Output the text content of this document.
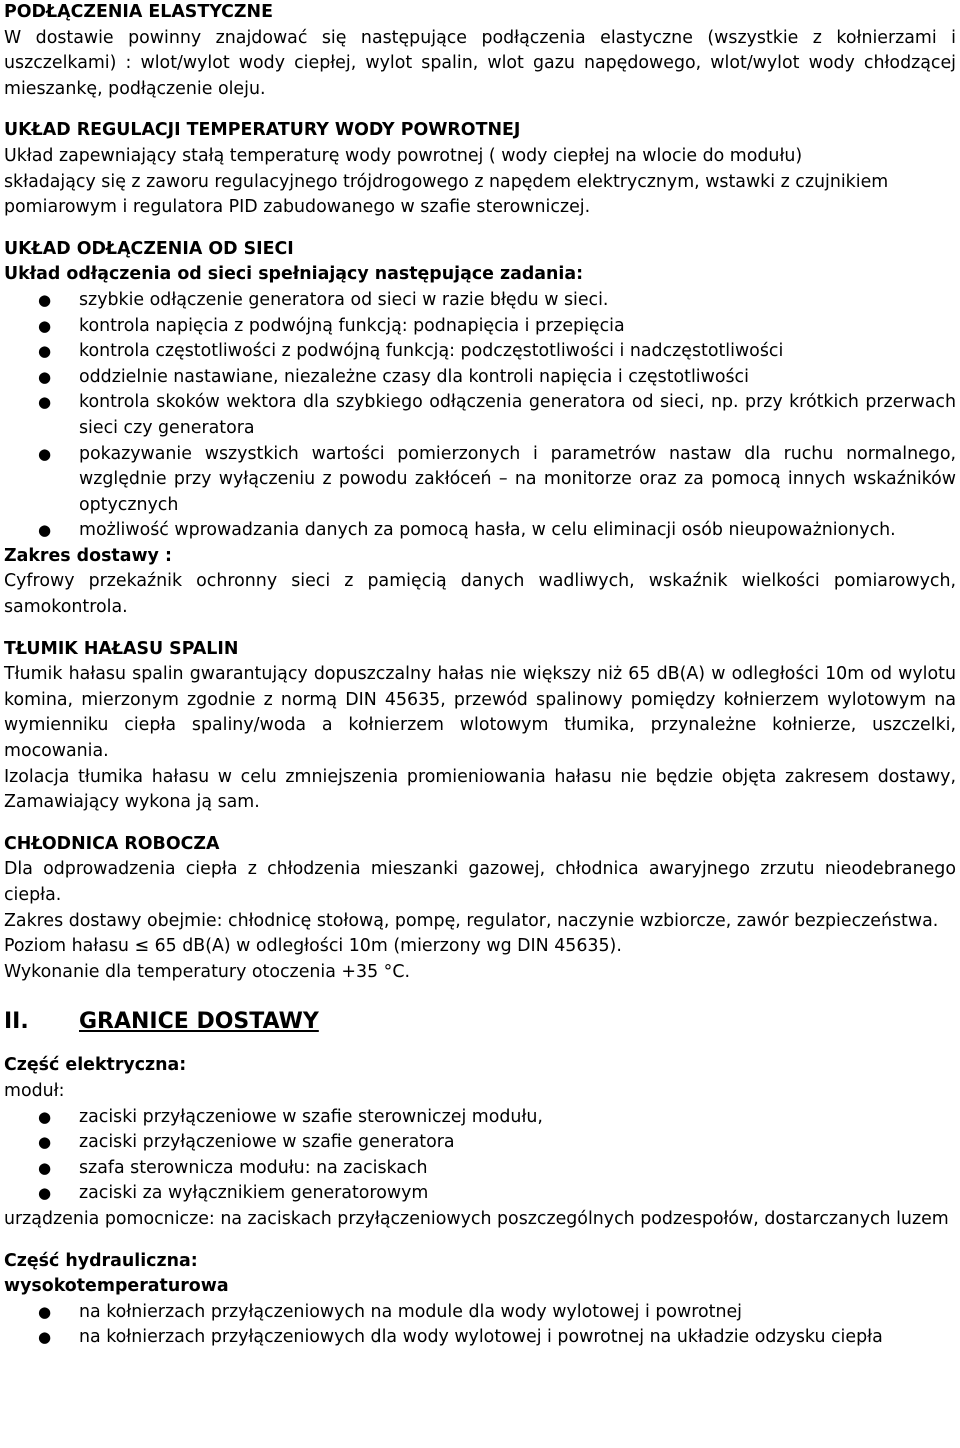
PODŁĄCZENIA ELASTYCZNE

W dostawie powinny znajdować się następujące podłączenia elastyczne (wszystkie z kołnierzami i uszczelkami) : wlot/wylot wody ciepłej, wylot spalin, wlot gazu napędowego, wlot/wylot wody chłodzącej mieszankę, podłączenie oleju.

UKŁAD REGULACJI TEMPERATURY WODY POWROTNEJ

Układ zapewniający stałą temperaturę wody powrotnej ( wody ciepłej na wlocie do modułu)

składający się z zaworu regulacyjnego trójdrogowego z napędem elektrycznym, wstawki z czujnikiem pomiarowym i regulatora PID zabudowanego w szafie sterowniczej.

UKŁAD ODŁĄCZENIA OD SIECI

Układ odłączenia od sieci spełniający następujące zadania:

● szybkie odłączenie generatora od sieci w razie błędu w sieci.
● kontrola napięcia z podwójną funkcją: podnapięcia i przepięcia
● kontrola częstotliwości z podwójną funkcją: podczęstotliwości i nadczęstotliwości
● oddzielnie nastawiane, niezależne czasy dla kontroli napięcia i częstotliwości
● kontrola skoków wektora dla szybkiego odłączenia generatora od sieci, np. przy krótkich przerwach sieci czy generatora
● pokazywanie wszystkich wartości pomierzonych i parametrów nastaw dla ruchu normalnego, względnie przy wyłączeniu z powodu zakłóceń – na monitorze oraz za pomocą innych wskaźników optycznych
● możliwość wprowadzania danych za pomocą hasła, w celu eliminacji osób nieupoważnionych.

Zakres dostawy :

Cyfrowy przekaźnik ochronny sieci z pamięcią danych wadliwych, wskaźnik wielkości pomiarowych, samokontrola.

TŁUMIK HAŁASU SPALIN

Tłumik hałasu spalin gwarantujący dopuszczalny hałas nie większy niż 65 dB(A) w odległości 10m od wylotu komina, mierzonym zgodnie z normą DIN 45635, przewód spalinowy pomiędzy kołnierzem wylotowym na wymienniku ciepła spaliny/woda a kołnierzem wlotowym tłumika, przynależne kołnierze, uszczelki, mocowania.

Izolacja tłumika hałasu w celu zmniejszenia promieniowania hałasu nie będzie objęta zakresem dostawy, Zamawiający wykona ją sam.

CHŁODNICA ROBOCZA

Dla odprowadzenia ciepła z chłodzenia mieszanki gazowej, chłodnica awaryjnego zrzutu nieodebranego ciepła.

Zakres dostawy obejmie: chłodnicę stołową, pompę, regulator, naczynie wzbiorcze, zawór bezpieczeństwa.

Poziom hałasu ≤ 65 dB(A) w odległości 10m (mierzony wg DIN 45635).

Wykonanie dla temperatury otoczenia +35 °C.

II. GRANICE DOSTAWY

Część elektryczna:

moduł:

● zaciski przyłączeniowe w szafie sterowniczej modułu,
● zaciski przyłączeniowe w szafie generatora
● szafa sterownicza modułu: na zaciskach
● zaciski za wyłącznikiem generatorowym

urządzenia pomocnicze: na zaciskach przyłączeniowych poszczególnych podzespołów, dostarczanych luzem

Część hydrauliczna:

wysokotemperaturowa

● na kołnierzach przyłączeniowych na module dla wody wylotowej i powrotnej
● na kołnierzach przyłączeniowych dla wody wylotowej i powrotnej na układzie odzysku ciepła
